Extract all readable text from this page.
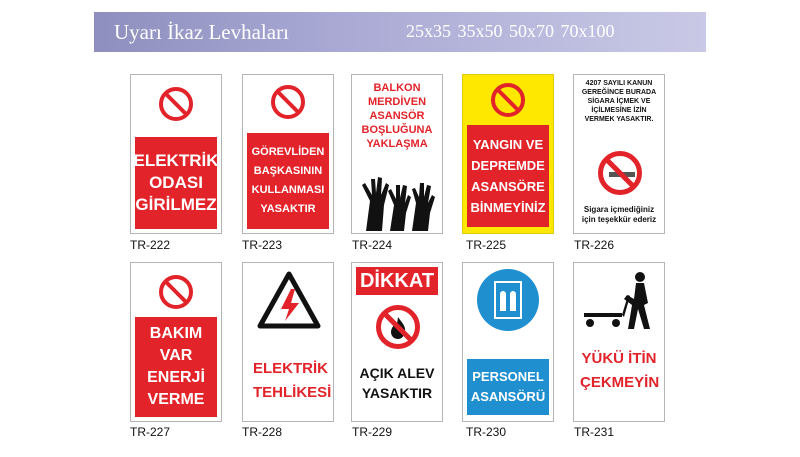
Uyarı İkaz Levhaları	25x35 35x50 50x70 70x100
ELEKTRİK ODASI GİRİLMEZ
TR-222
GÖREVLİDEN BAŞKASININ KULLANMASI YASAKTIR
TR-223
BALKON MERDİVEN ASANSÖR BOŞLUĞUNA YAKLAŞMA
TR-224
YANGIN VE DEPREMDE ASANSÖRE BİNMEYİNİZ
TR-225
4207 SAYILI KANUN GEREĞİNCE BURADA SİGARA İÇMEK VE İÇİLMESİNE İZİN VERMEK YASAKTIR.
Sigara içmediğiniz için teşekkür ederiz
TR-226
BAKIM VAR ENERJİ VERME
TR-227
ELEKTRİK TEHLİKESİ
TR-228
DİKKAT
AÇIK ALEV YASAKTIR
TR-229
PERSONEL ASANSÖRÜ
TR-230
YÜKÜ İTİN ÇEKMEYİN
TR-231
